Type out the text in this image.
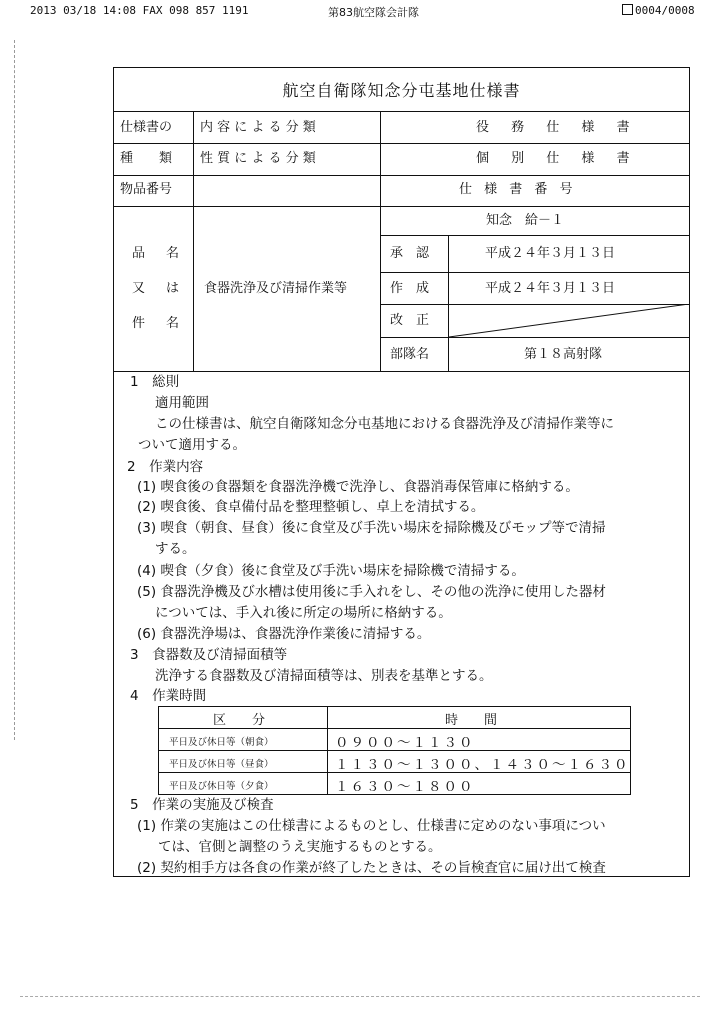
2013 03/18 14:08 FAX 098 857 1191	第83航空隊会計隊	0004/0008
航空自衛隊知念分屯基地仕様書
仕様書の 内 容 に よ る 分 類	役 務 仕 様 書
種　　類 性 質 に よ る 分 類	個 別 仕 様 書
物品番号	仕 様 書 番 号
知念　給－１
品　名
又　は
件　名
食器洗浄及び清掃作業等
承　認	平成２４年３月１３日
作　成	平成２４年３月１３日
改　正
部隊名	第１８高射隊
1　総則
適用範囲
この仕様書は、航空自衛隊知念分屯基地における食器洗浄及び清掃作業等に
ついて適用する。
2　作業内容
(1) 喫食後の食器類を食器洗浄機で洗浄し、食器消毒保管庫に格納する。
(2) 喫食後、食卓備付品を整理整頓し、卓上を清拭する。
(3) 喫食（朝食、昼食）後に食堂及び手洗い場床を掃除機及びモップ等で清掃
する。
(4) 喫食（夕食）後に食堂及び手洗い場床を掃除機で清掃する。
(5) 食器洗浄機及び水槽は使用後に手入れをし、その他の洗浄に使用した器材
については、手入れ後に所定の場所に格納する。
(6) 食器洗浄場は、食器洗浄作業後に清掃する。
3　食器数及び清掃面積等
洗浄する食器数及び清掃面積等は、別表を基準とする。
4　作業時間
5　作業の実施及び検査
(1) 作業の実施はこの仕様書によるものとし、仕様書に定めのない事項につい
ては、官側と調整のうえ実施するものとする。
(2) 契約相手方は各食の作業が終了したときは、その旨検査官に届け出て検査
区　　分	時　　間
平日及び休日等（朝食）	０９００～１１３０
平日及び休日等（昼食）	１１３０～１３００、１４３０～１６３０
平日及び休日等（夕食）	１６３０～１８００
